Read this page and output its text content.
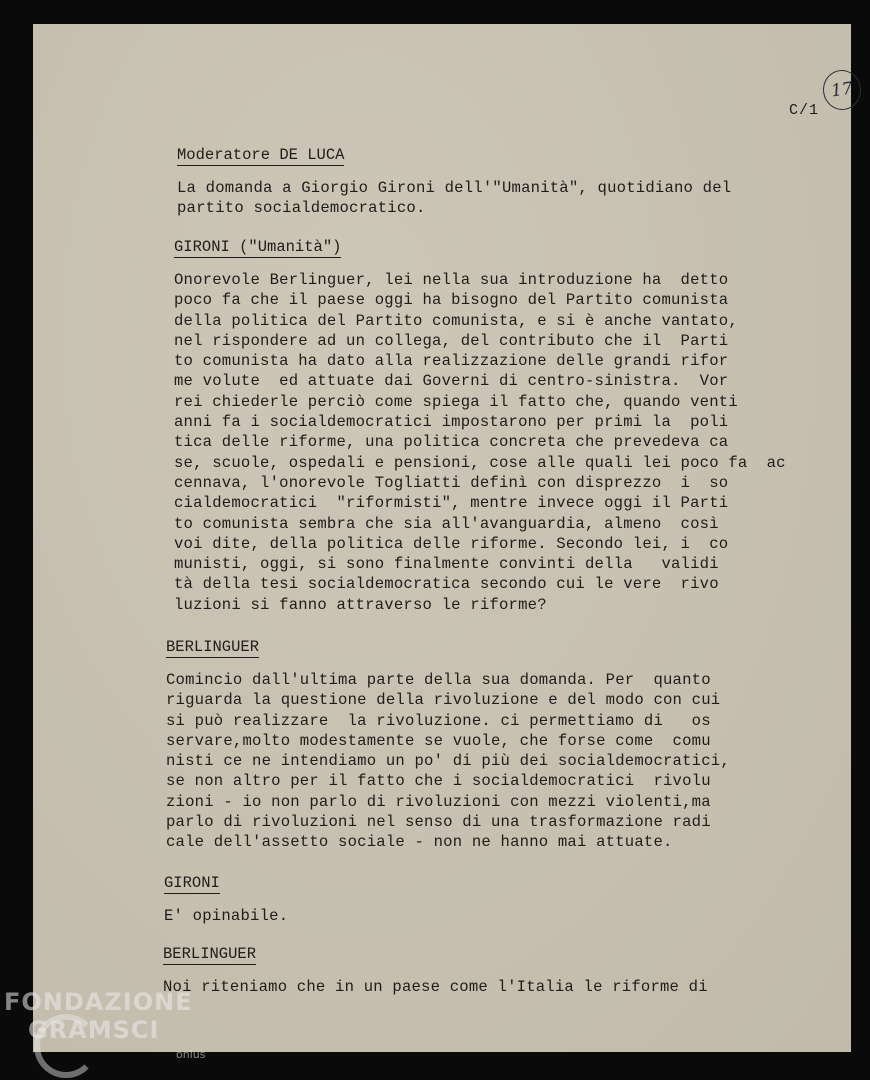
C/1
17
Moderatore DE LUCA
La domanda a Giorgio Gironi dell'"Umanità", quotidiano del
partito socialdemocratico.
GIRONI ("Umanità")
Onorevole Berlinguer, lei nella sua introduzione ha  detto
poco fa che il paese oggi ha bisogno del Partito comunista
della politica del Partito comunista, e si è anche vantato,
nel rispondere ad un collega, del contributo che il  Parti
to comunista ha dato alla realizzazione delle grandi rifor
me volute  ed attuate dai Governi di centro-sinistra.  Vor
rei chiederle perciò come spiega il fatto che, quando venti
anni fa i socialdemocratici impostarono per primi la  poli
tica delle riforme, una politica concreta che prevedeva ca
se, scuole, ospedali e pensioni, cose alle quali lei poco fa  ac
cennava, l'onorevole Togliatti definì con disprezzo  i  so
cialdemocratici  "riformisti", mentre invece oggi il Parti
to comunista sembra che sia all'avanguardia, almeno  così
voi dite, della politica delle riforme. Secondo lei, i  co
munisti, oggi, si sono finalmente convinti della   validi
tà della tesi socialdemocratica secondo cui le vere  rivo
luzioni si fanno attraverso le riforme?
BERLINGUER
Comincio dall'ultima parte della sua domanda. Per  quanto
riguarda la questione della rivoluzione e del modo con cui
si può realizzare  la rivoluzione. ci permettiamo di   os
servare,molto modestamente se vuole, che forse come  comu
nisti ce ne intendiamo un po' di più dei socialdemocratici,
se non altro per il fatto che i socialdemocratici  rivolu
zioni - io non parlo di rivoluzioni con mezzi violenti,ma
parlo di rivoluzioni nel senso di una trasformazione radi
cale dell'assetto sociale - non ne hanno mai attuate.
GIRONI
E' opinabile.
BERLINGUER
Noi riteniamo che in un paese come l'Italia le riforme di
FONDAZIONE
GRAMSCI
onlus
